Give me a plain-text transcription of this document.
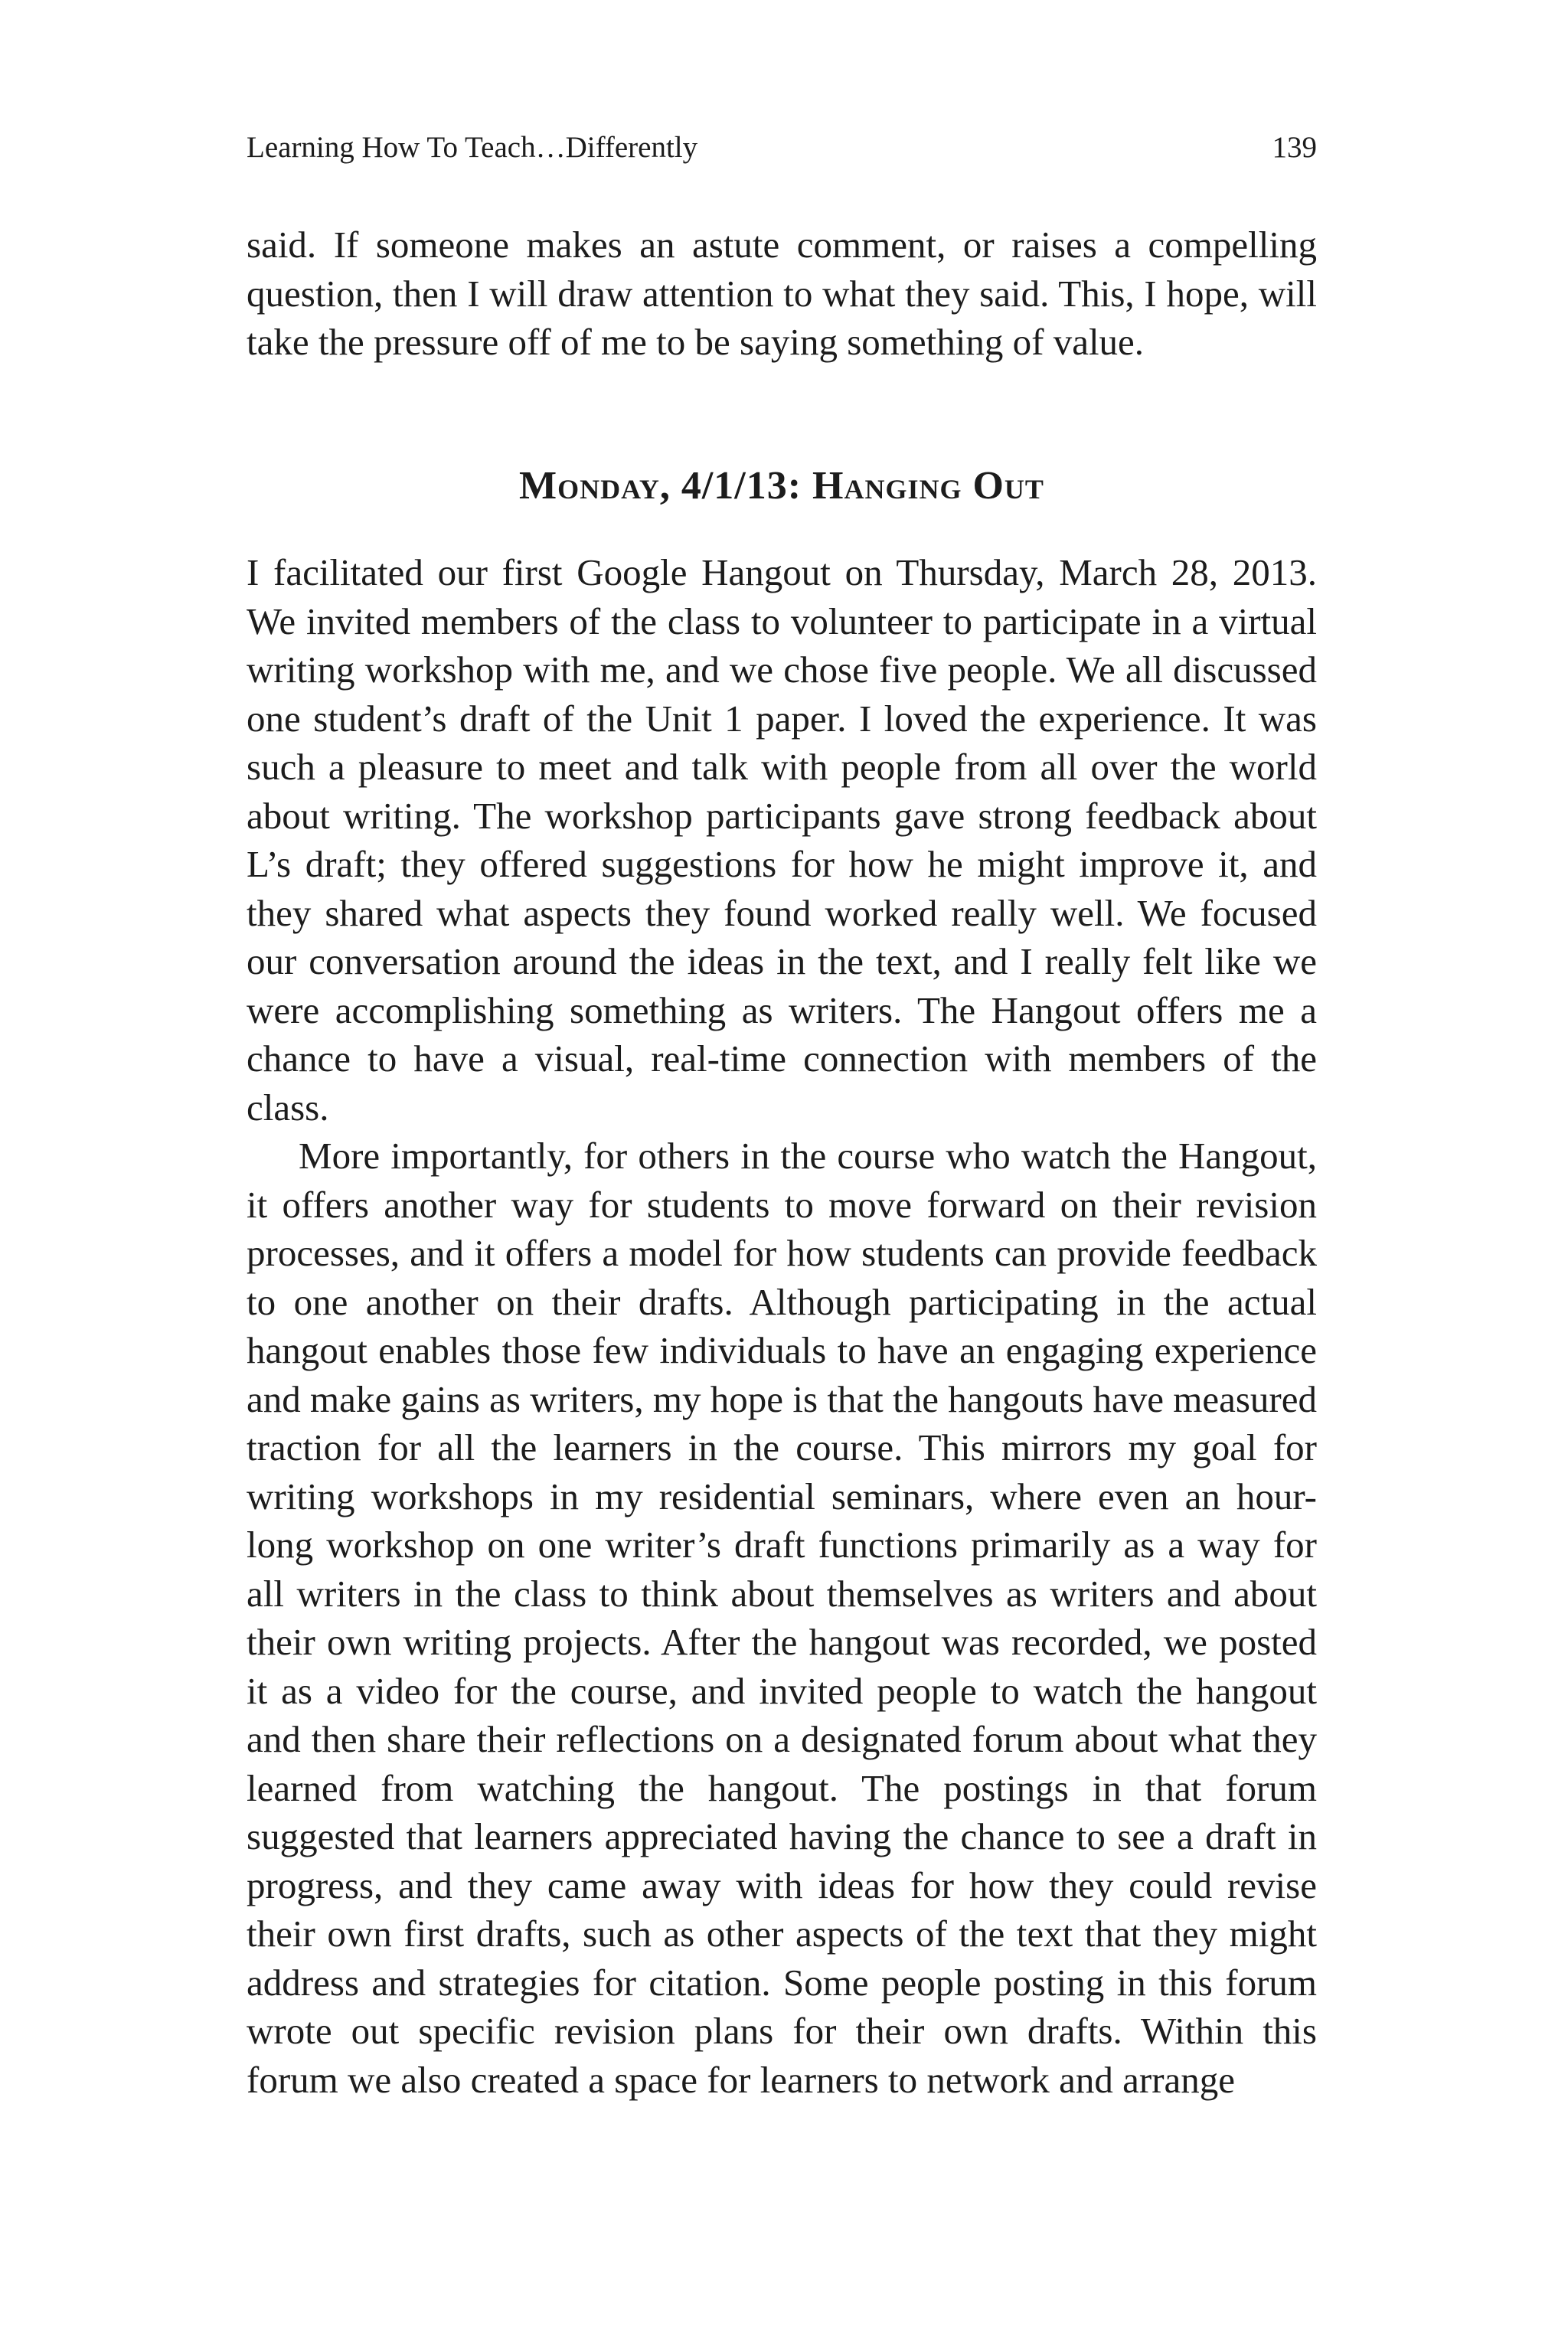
Learning How To Teach…Differently	139

said. If someone makes an astute comment, or raises a compelling question, then I will draw attention to what they said. This, I hope, will take the pressure off of me to be saying something of value.

Monday, 4/1/13: Hanging Out

I facilitated our first Google Hangout on Thursday, March 28, 2013. We invited members of the class to volunteer to participate in a virtual writing workshop with me, and we chose five people. We all discussed one student’s draft of the Unit 1 paper. I loved the experience. It was such a pleasure to meet and talk with people from all over the world about writing. The workshop participants gave strong feedback about L’s draft; they offered suggestions for how he might improve it, and they shared what aspects they found worked really well. We focused our conversation around the ideas in the text, and I really felt like we were accomplishing something as writers. The Hangout offers me a chance to have a visual, real-time connection with members of the class.

More importantly, for others in the course who watch the Hangout, it offers another way for students to move forward on their revision processes, and it offers a model for how students can provide feedback to one another on their drafts. Although participating in the actual hangout enables those few individuals to have an engaging experience and make gains as writers, my hope is that the hangouts have measured traction for all the learners in the course. This mirrors my goal for writing workshops in my residential seminars, where even an hour-long workshop on one writer’s draft functions primarily as a way for all writers in the class to think about themselves as writers and about their own writing projects. After the hangout was recorded, we posted it as a video for the course, and invited people to watch the hangout and then share their reflections on a designated forum about what they learned from watching the hangout. The postings in that forum suggested that learners appreciated having the chance to see a draft in progress, and they came away with ideas for how they could revise their own first drafts, such as other aspects of the text that they might address and strategies for citation. Some people posting in this forum wrote out specific revision plans for their own drafts. Within this forum we also created a space for learners to network and arrange
